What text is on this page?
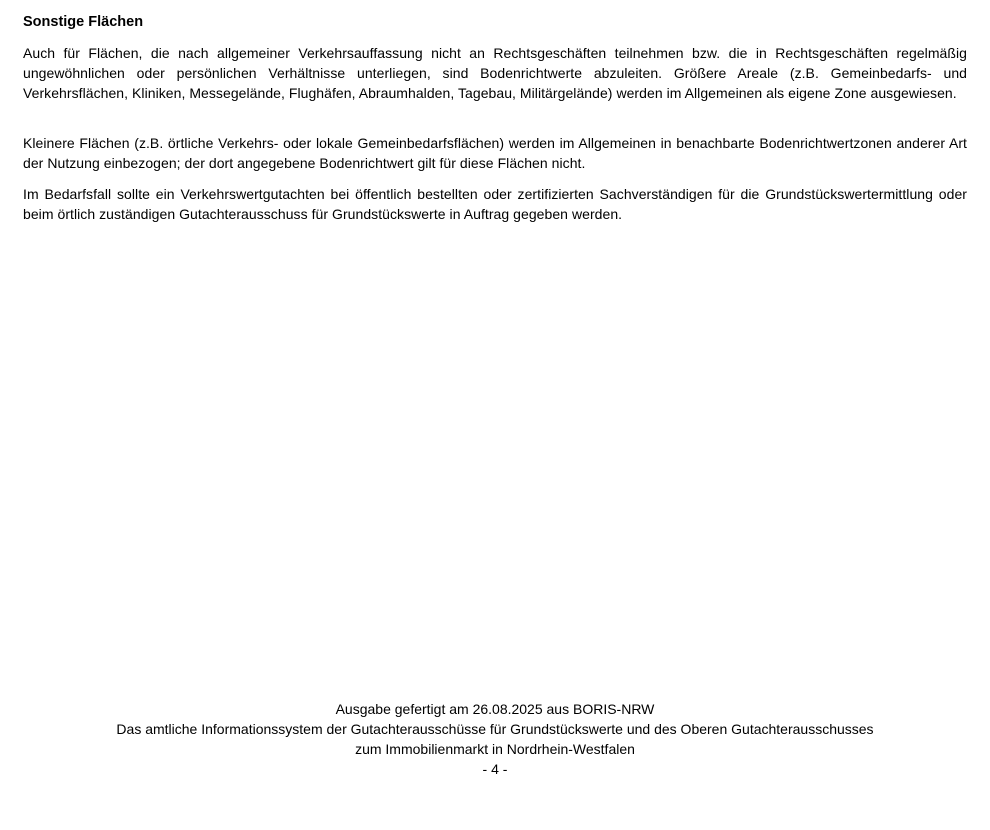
Sonstige Flächen

Auch für Flächen, die nach allgemeiner Verkehrsauffassung nicht an Rechtsgeschäften teilnehmen bzw. die in Rechtsgeschäften regelmäßig ungewöhnlichen oder persönlichen Verhältnisse unterliegen, sind Bodenrichtwerte abzuleiten. Größere Areale (z.B. Gemeinbedarfs- und Verkehrsflächen, Kliniken, Messegelände, Flughäfen, Abraumhalden, Tagebau, Militärgelände) werden im Allgemeinen als eigene Zone ausgewiesen.

Kleinere Flächen (z.B. örtliche Verkehrs- oder lokale Gemeinbedarfsflächen) werden im Allgemeinen in benachbarte Bodenrichtwertzonen anderer Art der Nutzung einbezogen; der dort angegebene Bodenrichtwert gilt für diese Flächen nicht.

Im Bedarfsfall sollte ein Verkehrswertgutachten bei öffentlich bestellten oder zertifizierten Sachverständigen für die Grundstückswertermittlung oder beim örtlich zuständigen Gutachterausschuss für Grundstückswerte in Auftrag gegeben werden.

Ausgabe gefertigt am 26.08.2025 aus BORIS-NRW
Das amtliche Informationssystem der Gutachterausschüsse für Grundstückswerte und des Oberen Gutachterausschusses
zum Immobilienmarkt in Nordrhein-Westfalen
- 4 -
